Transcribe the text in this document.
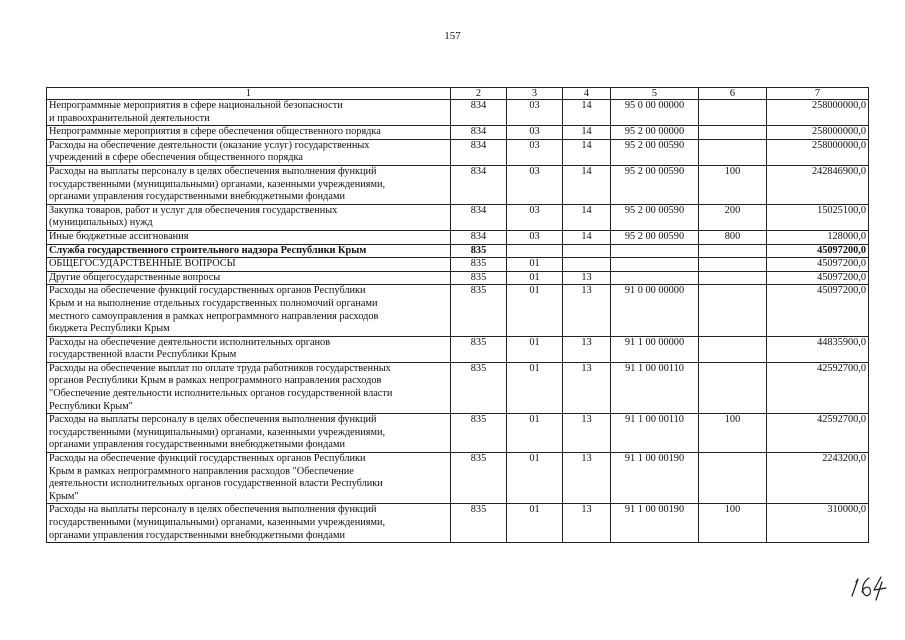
157
1	2	3	4	5	6	7
Непрограммные мероприятия в сфере национальной безопасности
и правоохранительной деятельности	834	03	14	95 0 00 00000		258000000,0
Непрограммные мероприятия в сфере обеспечения общественного порядка	834	03	14	95 2 00 00000		258000000,0
Расходы на обеспечение деятельности (оказание услуг) государственных
учреждений в сфере обеспечения общественного порядка	834	03	14	95 2 00 00590		258000000,0
Расходы на выплаты персоналу в целях обеспечения выполнения функций
государственными (муниципальными) органами, казенными учреждениями,
органами управления государственными внебюджетными фондами	834	03	14	95 2 00 00590	100	242846900,0
Закупка товаров, работ и услуг для обеспечения государственных
(муниципальных) нужд	834	03	14	95 2 00 00590	200	15025100,0
Иные бюджетные ассигнования	834	03	14	95 2 00 00590	800	128000,0
Служба государственного строительного надзора Республики Крым	835					45097200,0
ОБЩЕГОСУДАРСТВЕННЫЕ ВОПРОСЫ	835	01				45097200,0
Другие общегосударственные вопросы	835	01	13			45097200,0
Расходы на обеспечение функций государственных органов Республики
Крым и на выполнение отдельных государственных полномочий органами
местного самоуправления в рамках непрограммного направления расходов
бюджета Республики Крым	835	01	13	91 0 00 00000		45097200,0
Расходы на обеспечение деятельности исполнительных органов
государственной власти Республики Крым	835	01	13	91 1 00 00000		44835900,0
Расходы на обеспечение выплат по оплате труда работников государственных
органов Республики Крым в рамках непрограммного направления расходов
"Обеспечение деятельности исполнительных органов государственной власти
Республики Крым"	835	01	13	91 1 00 00110		42592700,0
Расходы на выплаты персоналу в целях обеспечения выполнения функций
государственными (муниципальными) органами, казенными учреждениями,
органами управления государственными внебюджетными фондами	835	01	13	91 1 00 00110	100	42592700,0
Расходы на обеспечение функций государственных органов Республики
Крым в рамках непрограммного направления расходов "Обеспечение
деятельности исполнительных органов государственной власти Республики
Крым"	835	01	13	91 1 00 00190		2243200,0
Расходы на выплаты персоналу в целях обеспечения выполнения функций
государственными (муниципальными) органами, казенными учреждениями,
органами управления государственными внебюджетными фондами	835	01	13	91 1 00 00190	100	310000,0
